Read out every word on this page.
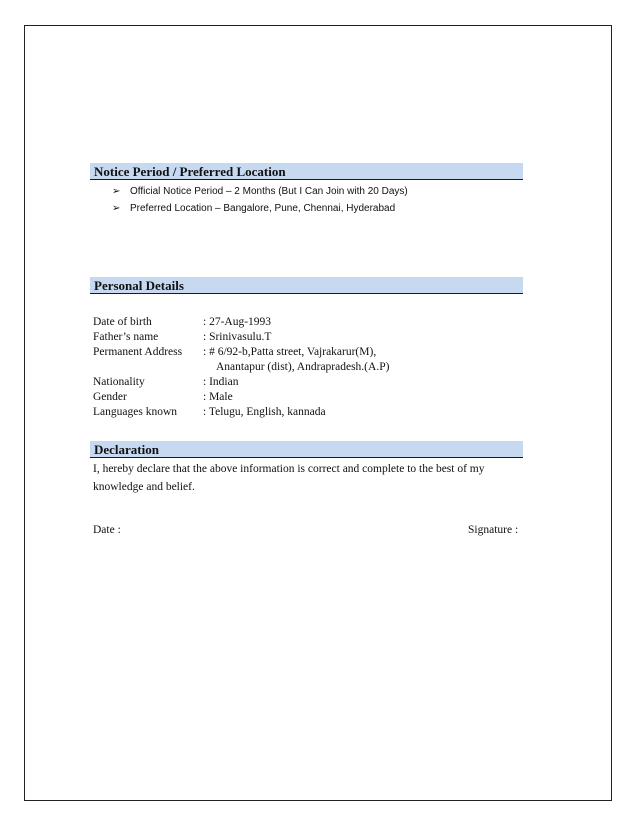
Notice Period / Preferred Location
➢ Official Notice Period – 2 Months (But I Can Join with 20 Days)
➢ Preferred Location – Bangalore, Pune, Chennai, Hyderabad
Personal Details
Date of birth	: 27-Aug-1993
Father’s name	: Srinivasulu.T
Permanent Address	: # 6/92-b,Patta street, Vajrakarur(M),
Anantapur (dist), Andrapradesh.(A.P)
Nationality	: Indian
Gender	: Male
Languages known	: Telugu, English, kannada
Declaration
I, hereby declare that the above information is correct and complete to the best of my knowledge and belief.
Date :	Signature :
